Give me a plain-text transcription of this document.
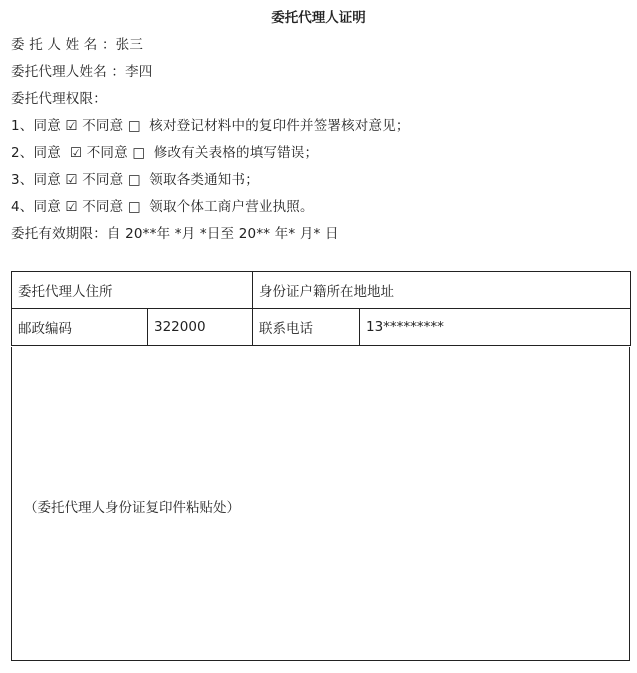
委托代理人证明
委 托 人 姓 名 ：张三
委托代理人姓名 ：李四
委托代理权限：
1、同意 ☑ 不同意 □ 核对登记材料中的复印件并签署核对意见；
2、同意  ☑ 不同意 □ 修改有关表格的填写错误；
3、同意 ☑ 不同意 □ 领取各类通知书；
4、同意 ☑ 不同意 □ 领取个体工商户营业执照。
委托有效期限：自 20**年 *月 *日至 20** 年* 月* 日
委托代理人住所		身份证户籍所在地地址	
邮政编码	322000	联系电话	13*********
（委托代理人身份证复印件粘贴处）
